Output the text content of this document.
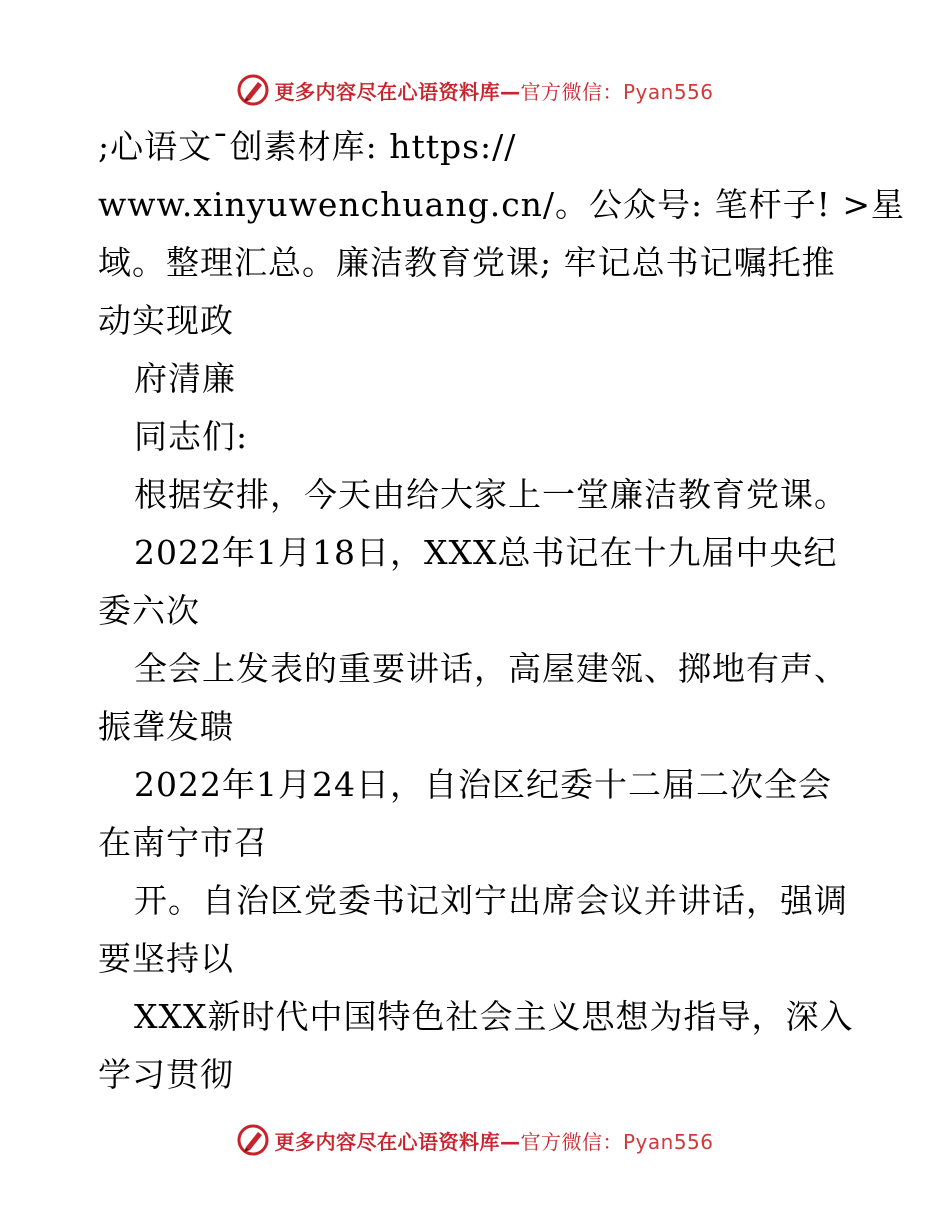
更多内容尽在心语资料库—官方微信：Pyan556
;心语文¯创素材库: https://
www.xinyuwenchuang.cn/。公众号: 笔杆子! >星
域。整理汇总。廉洁教育党课; 牢记总书记嘱托推
动实现政
府清廉
同志们:
根据安排，今天由给大家上一堂廉洁教育党课。
2022年1月18日，XXX总书记在十九届中央纪
委六次
全会上发表的重要讲话，高屋建瓴、掷地有声、
振聋发聩
2022年1月24日，自治区纪委十二届二次全会
在南宁市召
开。自治区党委书记刘宁出席会议并讲话，强调
要坚持以
XXX新时代中国特色社会主义思想为指导，深入
学习贯彻
更多内容尽在心语资料库—官方微信：Pyan556
